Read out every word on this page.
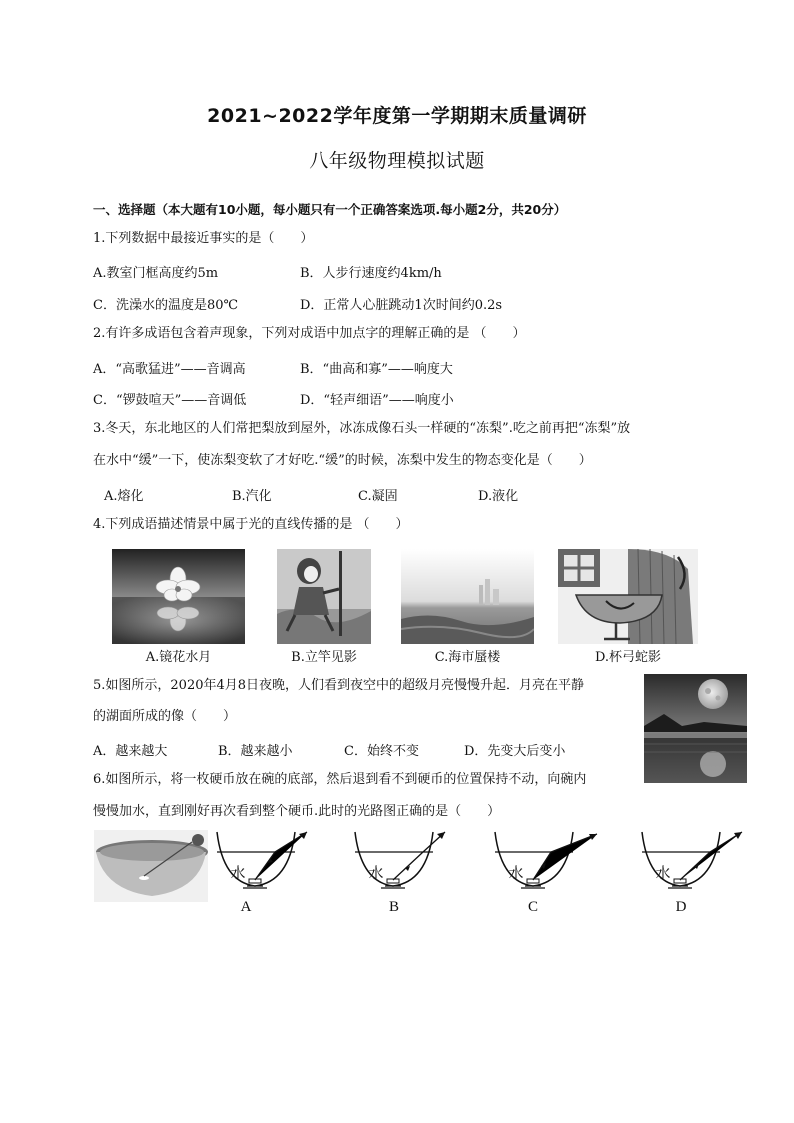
2021~2022学年度第一学期期末质量调研
八年级物理模拟试题
一、选择题（本大题有10小题，每小题只有一个正确答案选项.每小题2分，共20分）
1.下列数据中最接近事实的是（　　）
A.教室门框高度约5m	B．人步行速度约4km/h
C．洗澡水的温度是80℃	D．正常人心脏跳动1次时间约0.2s
2.有许多成语包含着声现象，下列对成语中加点字的理解正确的是 （　　）
A．“高歌猛进”——音调高	B．“曲高和寡”——响度大
C．“锣鼓喧天”——音调低	D．“轻声细语”——响度小
3.冬天，东北地区的人们常把梨放到屋外，冰冻成像石头一样硬的“冻梨”.吃之前再把“冻梨”放
在水中“缓”一下，使冻梨变软了才好吃.“缓”的时候，冻梨中发生的物态变化是（　　）
A.熔化	B.汽化	C.凝固	D.液化
4.下列成语描述情景中属于光的直线传播的是 （　　）
A.镜花水月	B.立竿见影	C.海市蜃楼	D.杯弓蛇影
5.如图所示，2020年4月8日夜晚，人们看到夜空中的超级月亮慢慢升起．月亮在平静
的湖面所成的像（　　）
A．越来越大	B．越来越小	C．始终不变	D．先变大后变小
6.如图所示，将一枚硬币放在碗的底部，然后退到看不到硬币的位置保持不动，向碗内
慢慢加水，直到刚好再次看到整个硬币.此时的光路图正确的是（　　）
水
A
水
B
水
C
水
D
